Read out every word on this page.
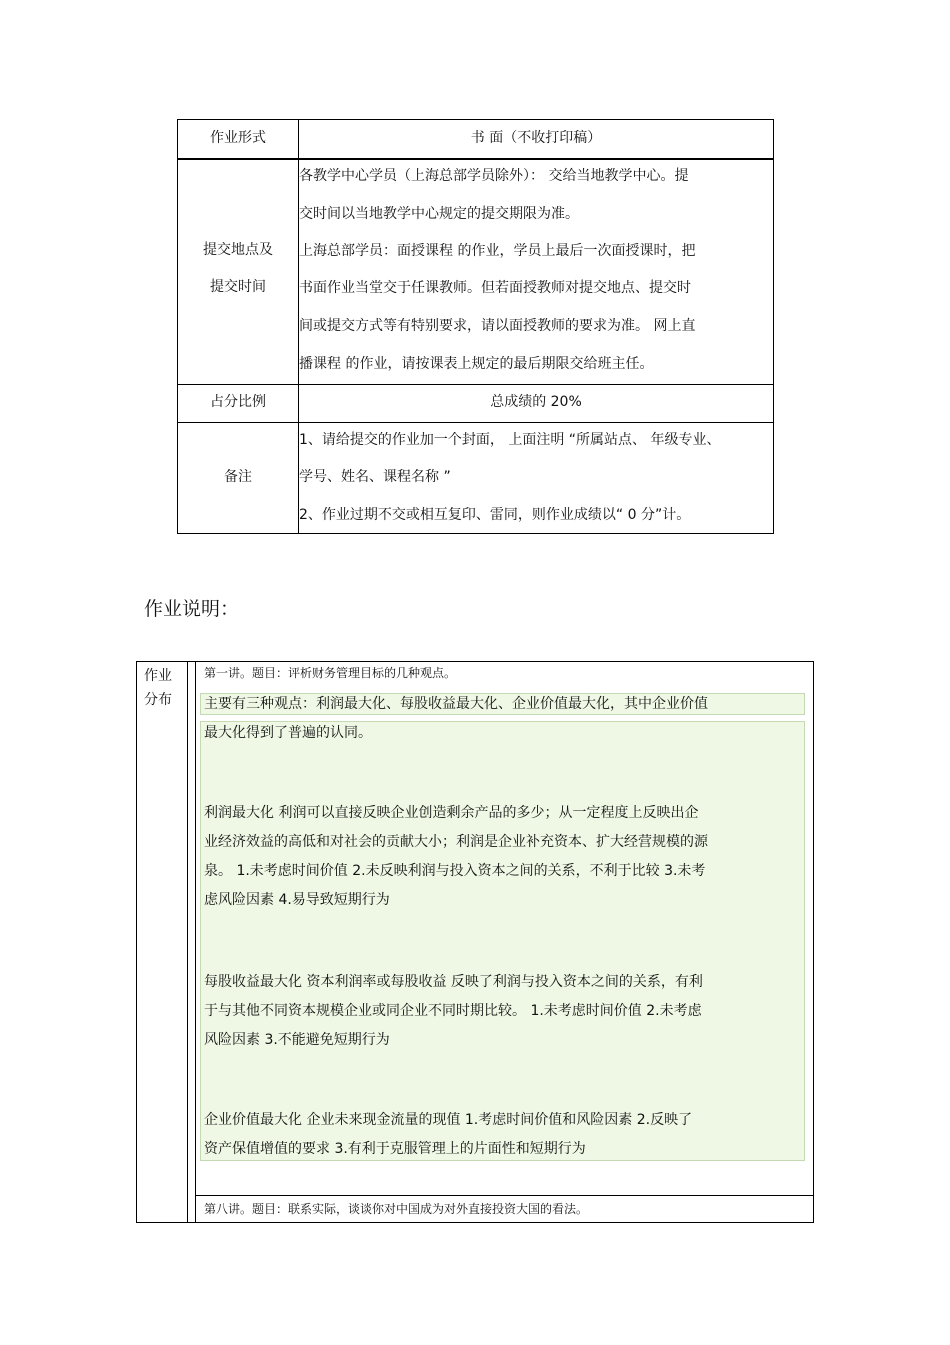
作业形式	书 面（不收打印稿）
提交地点及
提交时间
各教学中心学员（上海总部学员除外）： 交给当地教学中心。提
交时间以当地教学中心规定的提交期限为准。
上海总部学员：面授课程 的作业，学员上最后一次面授课时，把
书面作业当堂交于任课教师。但若面授教师对提交地点、提交时
间或提交方式等有特别要求，请以面授教师的要求为准。 网上直
播课程 的作业，请按课表上规定的最后期限交给班主任。
占分比例	总成绩的 20%
备注
1、请给提交的作业加一个封面， 上面注明 “所属站点、 年级专业、
学号、姓名、课程名称 ”
2、作业过期不交或相互复印、雷同，则作业成绩以“ 0 分”计。
作业说明：
作业
分布
第一讲。题目：评析财务管理目标的几种观点。
主要有三种观点：利润最大化、每股收益最大化、企业价值最大化，其中企业价值
最大化得到了普遍的认同。
利润最大化 利润可以直接反映企业创造剩余产品的多少；从一定程度上反映出企
业经济效益的高低和对社会的贡献大小；利润是企业补充资本、扩大经营规模的源
泉。 1.未考虑时间价值 2.未反映利润与投入资本之间的关系，不利于比较 3.未考
虑风险因素 4.易导致短期行为
每股收益最大化 资本利润率或每股收益 反映了利润与投入资本之间的关系，有利
于与其他不同资本规模企业或同企业不同时期比较。 1.未考虑时间价值 2.未考虑
风险因素 3.不能避免短期行为
企业价值最大化 企业未来现金流量的现值 1.考虑时间价值和风险因素 2.反映了
资产保值增值的要求 3.有利于克服管理上的片面性和短期行为
第八讲。题目：联系实际，谈谈你对中国成为对外直接投资大国的看法。
